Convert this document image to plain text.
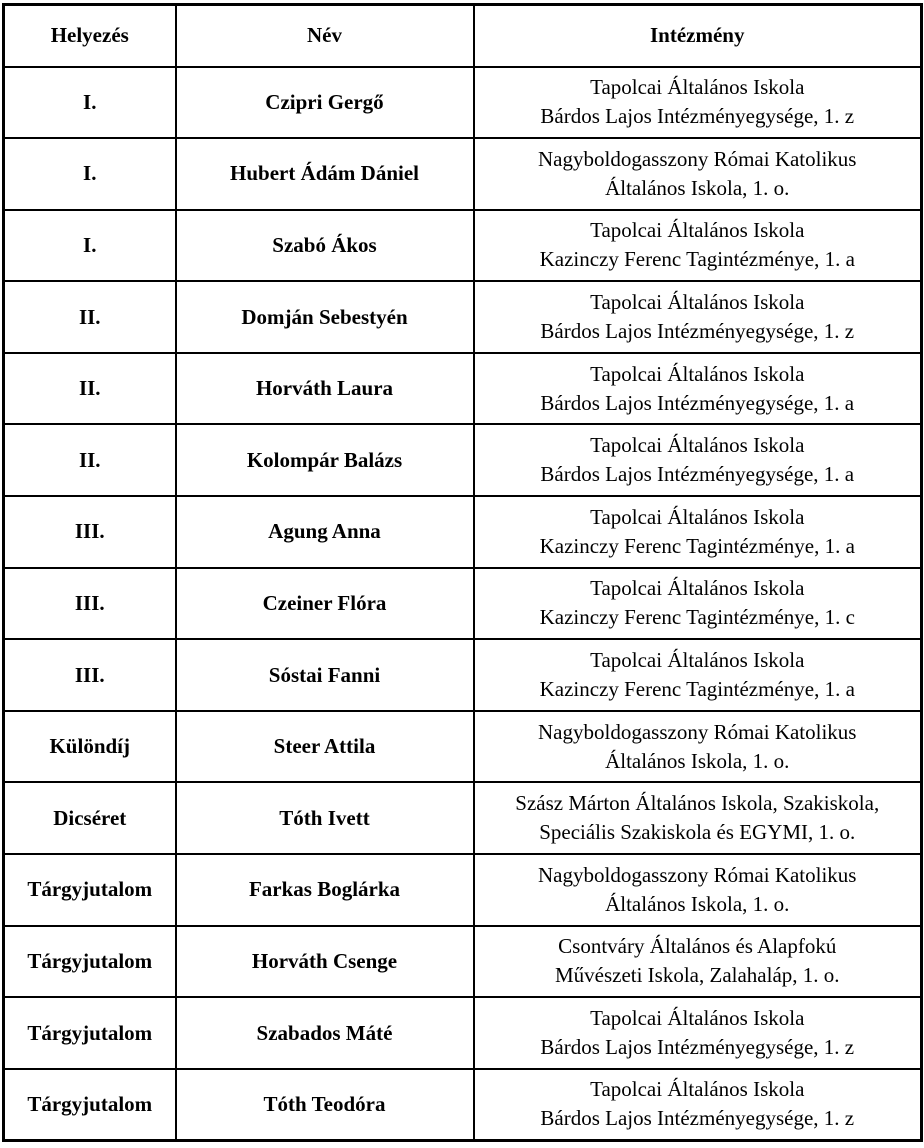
Helyezés	Név	Intézmény
I.	Czipri Gergő	Tapolcai Általános Iskola
Bárdos Lajos Intézményegysége, 1. z

I.	Hubert Ádám Dániel	Nagyboldogasszony Római Katolikus
Általános Iskola, 1. o.

I.	Szabó Ákos	Tapolcai Általános Iskola
Kazinczy Ferenc Tagintézménye, 1. a

II.	Domján Sebestyén	Tapolcai Általános Iskola
Bárdos Lajos Intézményegysége, 1. z

II.	Horváth Laura	Tapolcai Általános Iskola
Bárdos Lajos Intézményegysége, 1. a

II.	Kolompár Balázs	Tapolcai Általános Iskola
Bárdos Lajos Intézményegysége, 1. a

III.	Agung Anna	Tapolcai Általános Iskola
Kazinczy Ferenc Tagintézménye, 1. a

III.	Czeiner Flóra	Tapolcai Általános Iskola
Kazinczy Ferenc Tagintézménye, 1. c

III.	Sóstai Fanni	Tapolcai Általános Iskola
Kazinczy Ferenc Tagintézménye, 1. a

Különdíj	Steer Attila	Nagyboldogasszony Római Katolikus
Általános Iskola, 1. o.

Dicséret	Tóth Ivett	Szász Márton Általános Iskola, Szakiskola,
Speciális Szakiskola és EGYMI, 1. o.

Tárgyjutalom	Farkas Boglárka	Nagyboldogasszony Római Katolikus
Általános Iskola, 1. o.

Tárgyjutalom	Horváth Csenge	Csontváry Általános és Alapfokú
Művészeti Iskola, Zalahaláp, 1. o.

Tárgyjutalom	Szabados Máté	Tapolcai Általános Iskola
Bárdos Lajos Intézményegysége, 1. z

Tárgyjutalom	Tóth Teodóra	Tapolcai Általános Iskola
Bárdos Lajos Intézményegysége, 1. z
